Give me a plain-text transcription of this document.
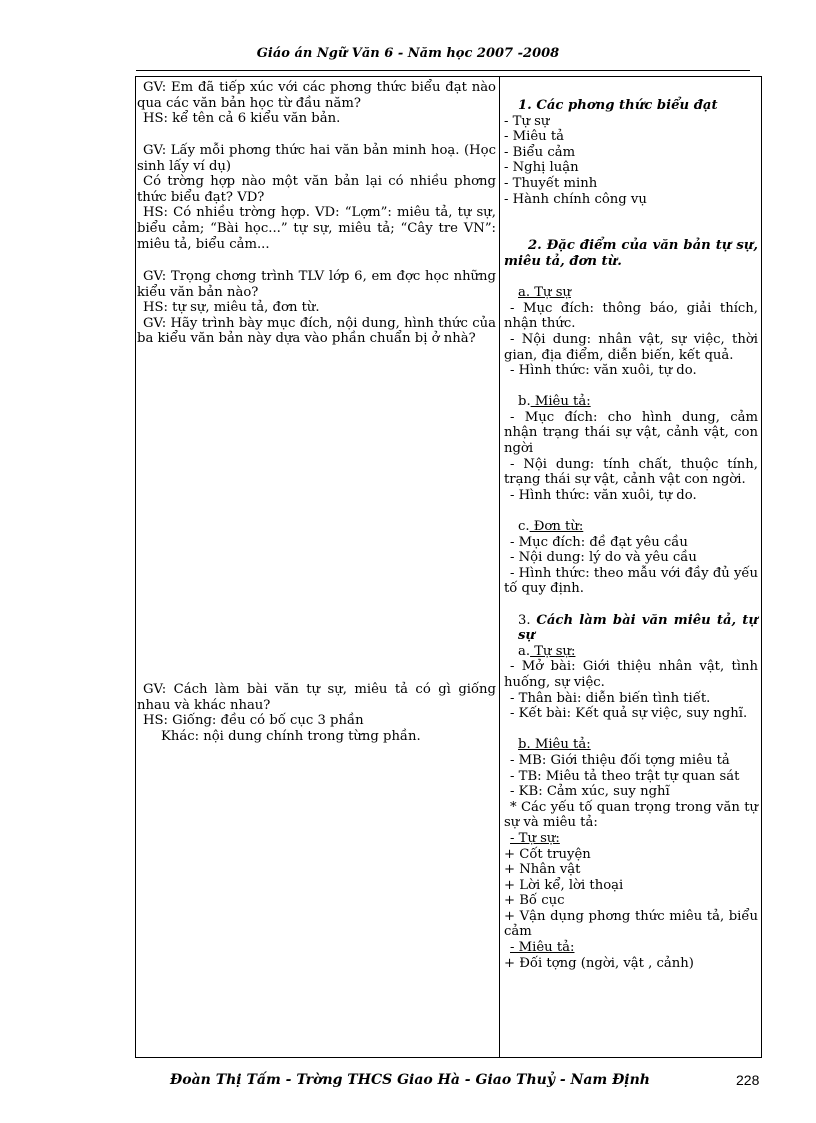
Giáo án Ngữ Văn 6 - Năm học 2007 -2008

GV: Em đã tiếp xúc với các phơng thức biểu đạt nào qua các văn bản học từ đầu năm?

HS: kể tên cả 6 kiểu văn bản.

GV: Lấy mỗi phơng thức hai văn bản minh hoạ. (Học sinh lấy ví dụ)

Có trờng hợp nào một văn bản lại có nhiều phơng thức biểu đạt? VD?

HS: Có nhiều trờng hợp. VD: “Lợm”: miêu tả, tự sự, biểu cảm; “Bài học...” tự sự, miêu tả; “Cây tre VN”: miêu tả, biểu cảm...

GV: Trọng chơng trình TLV lớp 6, em đợc học những kiểu văn bản nào?

HS: tự sự, miêu tả, đơn từ.

GV: Hãy trình bày mục đích, nội dung, hình thức của ba kiểu văn bản này dựa vào phần chuẩn bị ở nhà?

GV: Cách làm bài văn tự sự, miêu tả có gì giống nhau và khác nhau?

HS: Giống: đều có bố cục 3 phần

Khác: nội dung chính trong từng phần.

1. Các phơng thức biểu đạt

- Tự sự

- Miêu tả

- Biểu cảm

- Nghị luận

- Thuyết minh

- Hành chính công vụ

2. Đặc điểm của văn bản tự sự, miêu tả, đơn từ.

a. Tự sự

- Mục đích: thông báo, giải thích, nhận thức.

- Nội dung: nhân vật, sự việc, thời gian, địa điểm, diễn biến, kết quả.

- Hình thức: văn xuôi, tự do.

b. Miêu tả:

- Mục đích: cho hình dung, cảm nhận trạng thái sự vật, cảnh vật, con ngời

- Nội dung: tính chất, thuộc tính, trạng thái sự vật, cảnh vật con ngời.

- Hình thức: văn xuôi, tự do.

c. Đơn từ:

- Mục đích: đề đạt yêu cầu

- Nội dung: lý do và yêu cầu

- Hình thức: theo mẫu với đầy đủ yếu tố quy định.

3. Cách làm bài văn miêu tả, tự sự

a. Tự sự:

- Mở bài: Giới thiệu nhân vật, tình huống, sự việc.

- Thân bài: diễn biến tình tiết.

- Kết bài: Kết quả sự việc, suy nghĩ.

b. Miêu tả:

- MB: Giới thiệu đối tợng miêu tả

- TB: Miêu tả theo trật tự quan sát

- KB: Cảm xúc, suy nghĩ

* Các yếu tố quan trọng trong văn tự sự và miêu tả:

- Tự sự:

+ Cốt truyện

+ Nhân vật

+ Lời kể, lời thoại

+ Bố cục

+ Vận dụng phơng thức miêu tả, biểu cảm

- Miêu tả:

+ Đối tợng (ngời, vật , cảnh)

Đoàn Thị Tấm - Trờng THCS Giao Hà - Giao Thuỷ - Nam Định	228
